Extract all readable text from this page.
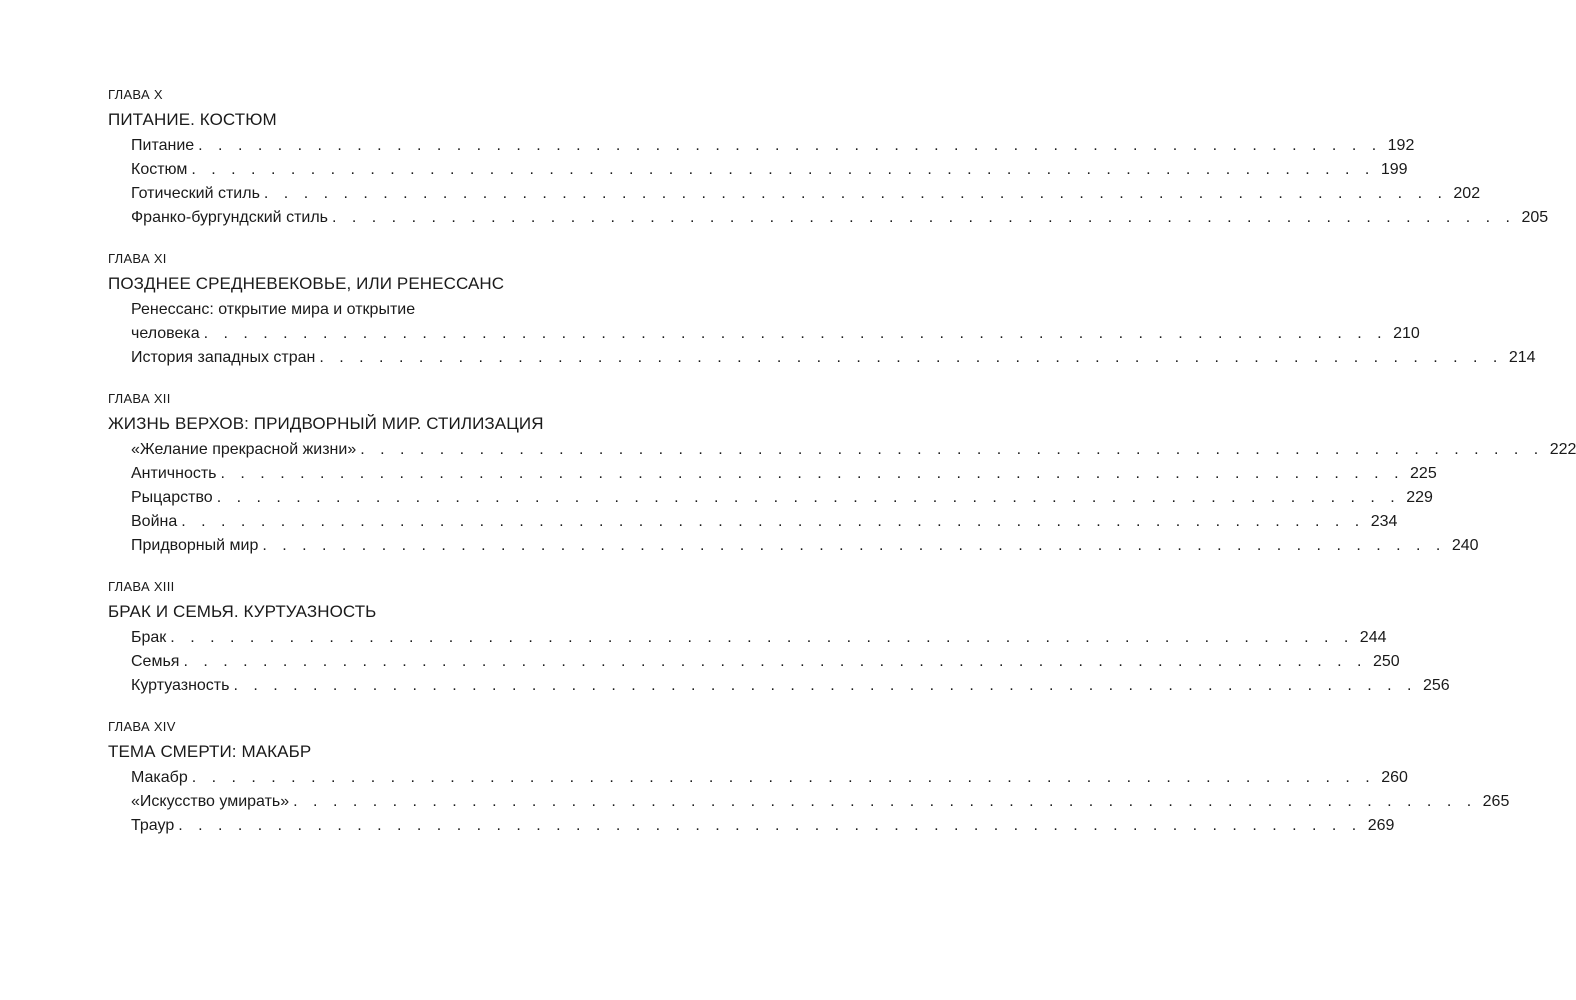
ГЛАВА X
ПИТАНИЕ. КОСТЮМ
Питание . . . . . . . . . . . . . . . . . . . . . . . . . . . . . . . . . . . . . . . . . . . . . . . . . . . . . . . . . . . . 192
Костюм . . . . . . . . . . . . . . . . . . . . . . . . . . . . . . . . . . . . . . . . . . . . . . . . . . . . . . . . . . . . 199
Готический стиль . . . . . . . . . . . . . . . . . . . . . . . . . . . . . . . . . . . . . . . . . . . . . . . . . . . . . . . . . . . . 202
Франко-бургундский стиль . . . . . . . . . . . . . . . . . . . . . . . . . . . . . . . . . . . . . . . . . . . . . . . . . . . . . . . . . . . . 205
ГЛАВА XI
ПОЗДНЕЕ СРЕДНЕВЕКОВЬЕ, ИЛИ РЕНЕССАНС
Ренессанс: открытие мира и открытие
человека . . . . . . . . . . . . . . . . . . . . . . . . . . . . . . . . . . . . . . . . . . . . . . . . . . . . . . . . . . . . 210
История западных стран . . . . . . . . . . . . . . . . . . . . . . . . . . . . . . . . . . . . . . . . . . . . . . . . . . . . . . . . . . . . 214
ГЛАВА XII
ЖИЗНЬ ВЕРХОВ: ПРИДВОРНЫЙ МИР. СТИЛИЗАЦИЯ
«Желание прекрасной жизни» . . . . . . . . . . . . . . . . . . . . . . . . . . . . . . . . . . . . . . . . . . . . . . . . . . . . . . . . . . . . 222
Античность . . . . . . . . . . . . . . . . . . . . . . . . . . . . . . . . . . . . . . . . . . . . . . . . . . . . . . . . . . . . 225
Рыцарство . . . . . . . . . . . . . . . . . . . . . . . . . . . . . . . . . . . . . . . . . . . . . . . . . . . . . . . . . . . . 229
Война . . . . . . . . . . . . . . . . . . . . . . . . . . . . . . . . . . . . . . . . . . . . . . . . . . . . . . . . . . . . 234
Придворный мир . . . . . . . . . . . . . . . . . . . . . . . . . . . . . . . . . . . . . . . . . . . . . . . . . . . . . . . . . . . . 240
ГЛАВА XIII
БРАК И СЕМЬЯ. КУРТУАЗНОСТЬ
Брак . . . . . . . . . . . . . . . . . . . . . . . . . . . . . . . . . . . . . . . . . . . . . . . . . . . . . . . . . . . . 244
Семья . . . . . . . . . . . . . . . . . . . . . . . . . . . . . . . . . . . . . . . . . . . . . . . . . . . . . . . . . . . . 250
Куртуазность . . . . . . . . . . . . . . . . . . . . . . . . . . . . . . . . . . . . . . . . . . . . . . . . . . . . . . . . . . . . 256
ГЛАВА XIV
ТЕМА СМЕРТИ: МАКАБР
Макабр . . . . . . . . . . . . . . . . . . . . . . . . . . . . . . . . . . . . . . . . . . . . . . . . . . . . . . . . . . . . 260
«Искусство умирать» . . . . . . . . . . . . . . . . . . . . . . . . . . . . . . . . . . . . . . . . . . . . . . . . . . . . . . . . . . . . 265
Траур . . . . . . . . . . . . . . . . . . . . . . . . . . . . . . . . . . . . . . . . . . . . . . . . . . . . . . . . . . . . 269
